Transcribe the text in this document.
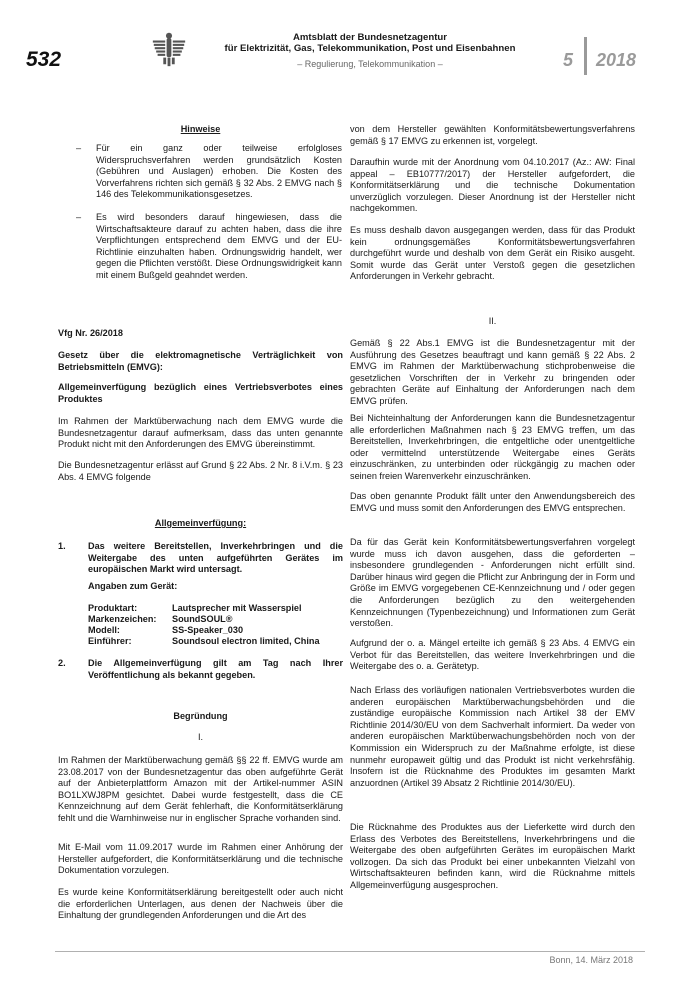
532
Amtsblatt der Bundesnetzagentur
für Elektrizität, Gas, Telekommunikation, Post und Eisenbahnen
– Regulierung, Telekommunikation –	5 2018
Hinweise
– Für ein ganz oder teilweise erfolgloses Widerspruchsverfahren werden grundsätzlich Kosten (Gebühren und Auslagen) erhoben. Die Kosten des Vorverfahrens richten sich gemäß § 32 Abs. 2 EMVG nach § 146 des Telekommunikationsgesetzes.
– Es wird besonders darauf hingewiesen, dass die Wirtschaftsakteure darauf zu achten haben, dass die ihre Verpflichtungen entsprechend dem EMVG und der EU-Richtlinie einzuhalten haben. Ordnungswidrig handelt, wer gegen die Pflichten verstößt. Diese Ordnungswidrigkeit kann mit einem Bußgeld geahndet werden.
Vfg Nr. 26/2018
Gesetz über die elektromagnetische Verträglichkeit von Betriebsmitteln (EMVG):
Allgemeinverfügung bezüglich eines Vertriebsverbotes eines Produktes
Im Rahmen der Marktüberwachung nach dem EMVG wurde die Bundesnetzagentur darauf aufmerksam, dass das unten genannte Produkt nicht mit den Anforderungen des EMVG übereinstimmt.
Die Bundesnetzagentur erlässt auf Grund § 22 Abs. 2 Nr. 8 i.V.m. § 23 Abs. 4 EMVG folgende
Allgemeinverfügung:
1. Das weitere Bereitstellen, Inverkehrbringen und die Weitergabe des unten aufgeführten Gerätes im europäischen Markt wird untersagt.
Angaben zum Gerät:
Produktart:	Lautsprecher mit Wasserspiel
Markenzeichen:	SoundSOUL®
Modell:	SS-Speaker_030
Einführer:	Soundsoul electron limited, China
2. Die Allgemeinverfügung gilt am Tag nach Ihrer Veröffentlichung als bekannt gegeben.
Begründung
I.
Im Rahmen der Marktüberwachung gemäß §§ 22 ff. EMVG wurde am 23.08.2017 von der Bundesnetzagentur das oben aufgeführte Gerät auf der Anbieterplattform Amazon mit der Artikel-nummer ASIN BO1LXWJ8PM gesichtet. Dabei wurde festgestellt, dass die CE Kennzeichnung auf dem Gerät fehlerhaft, die Konformitätserklärung fehlt und die Warnhinweise nur in englischer Sprache vorhanden sind.
Mit E-Mail vom 11.09.2017 wurde im Rahmen einer Anhörung der Hersteller aufgefordert, die Konformitätserklärung und die technische Dokumentation vorzulegen.
Es wurde keine Konformitätserklärung bereitgestellt oder auch nicht die erforderlichen Unterlagen, aus denen der Nachweis über die Einhaltung der grundlegenden Anforderungen und die Art des
von dem Hersteller gewählten Konformitätsbewertungsverfahrens gemäß § 17 EMVG zu erkennen ist, vorgelegt.
Daraufhin wurde mit der Anordnung vom 04.10.2017 (Az.: AW: Final appeal – EB10777/2017) der Hersteller aufgefordert, die Konformitätserklärung und die technische Dokumentation unverzüglich vorzulegen. Dieser Anordnung ist der Hersteller nicht nachgekommen.
Es muss deshalb davon ausgegangen werden, dass für das Produkt kein ordnungsgemäßes Konformitätsbewertungsverfahren durchgeführt wurde und deshalb von dem Gerät ein Risiko ausgeht. Somit wurde das Gerät unter Verstoß gegen die gesetzlichen Anforderungen in Verkehr gebracht.
II.
Gemäß § 22 Abs.1 EMVG ist die Bundesnetzagentur mit der Ausführung des Gesetzes beauftragt und kann gemäß § 22 Abs. 2 EMVG im Rahmen der Marktüberwachung stichprobenweise die gesetzlichen Vorschriften der in Verkehr zu bringenden oder gebrachten Geräte auf Einhaltung der Anforderungen nach dem EMVG prüfen.
Bei Nichteinhaltung der Anforderungen kann die Bundesnetzagentur alle erforderlichen Maßnahmen nach § 23 EMVG treffen, um das Bereitstellen, Inverkehrbringen, die entgeltliche oder unentgeltliche oder vermittelnd unterstützende Weitergabe eines Geräts einzuschränken, zu unterbinden oder rückgängig zu machen oder seinen freien Warenverkehr einzuschränken.
Das oben genannte Produkt fällt unter den Anwendungsbereich des EMVG und muss somit den Anforderungen des EMVG entsprechen.
Da für das Gerät kein Konformitätsbewertungsverfahren vorgelegt wurde muss ich davon ausgehen, dass die geforderten – insbesondere grundlegenden - Anforderungen nicht erfüllt sind. Darüber hinaus wird gegen die Pflicht zur Anbringung der in Form und Größe im EMVG vorgegebenen CE-Kennzeichnung und / oder gegen die Anforderungen bezüglich zu den weitergehenden Kennzeichnungen (Typenbezeichnung) und Informationen zum Gerät verstoßen.
Aufgrund der o. a. Mängel erteilte ich gemäß § 23 Abs. 4 EMVG ein Verbot für das Bereitstellen, das weitere Inverkehrbringen und die Weitergabe des o. a. Gerätetyp.
Nach Erlass des vorläufigen nationalen Vertriebsverbotes wurden die anderen europäischen Marktüberwachungsbehörden und die zuständige europäische Kommission nach Artikel 38 der EMV Richtlinie 2014/30/EU von dem Sachverhalt informiert. Da weder von anderen europäischen Marktüberwachungsbehörden noch von der Kommission ein Widerspruch zu der Maßnahme erfolgte, ist diese nunmehr europaweit gültig und das Produkt ist nicht verkehrsfähig. Insofern ist die Rücknahme des Produktes im gesamten Markt anzuordnen (Artikel 39 Absatz 2 Richtlinie 2014/30/EU).
Die Rücknahme des Produktes aus der Lieferkette wird durch den Erlass des Verbotes des Bereitstellens, Inverkehrbringens und die Weitergabe des oben aufgeführten Gerätes im europäischen Markt vollzogen. Da sich das Produkt bei einer unbekannten Vielzahl von Wirtschaftsakteuren befinden kann, wird die Rücknahme mittels Allgemeinverfügung ausgesprochen.
Bonn, 14. März 2018
